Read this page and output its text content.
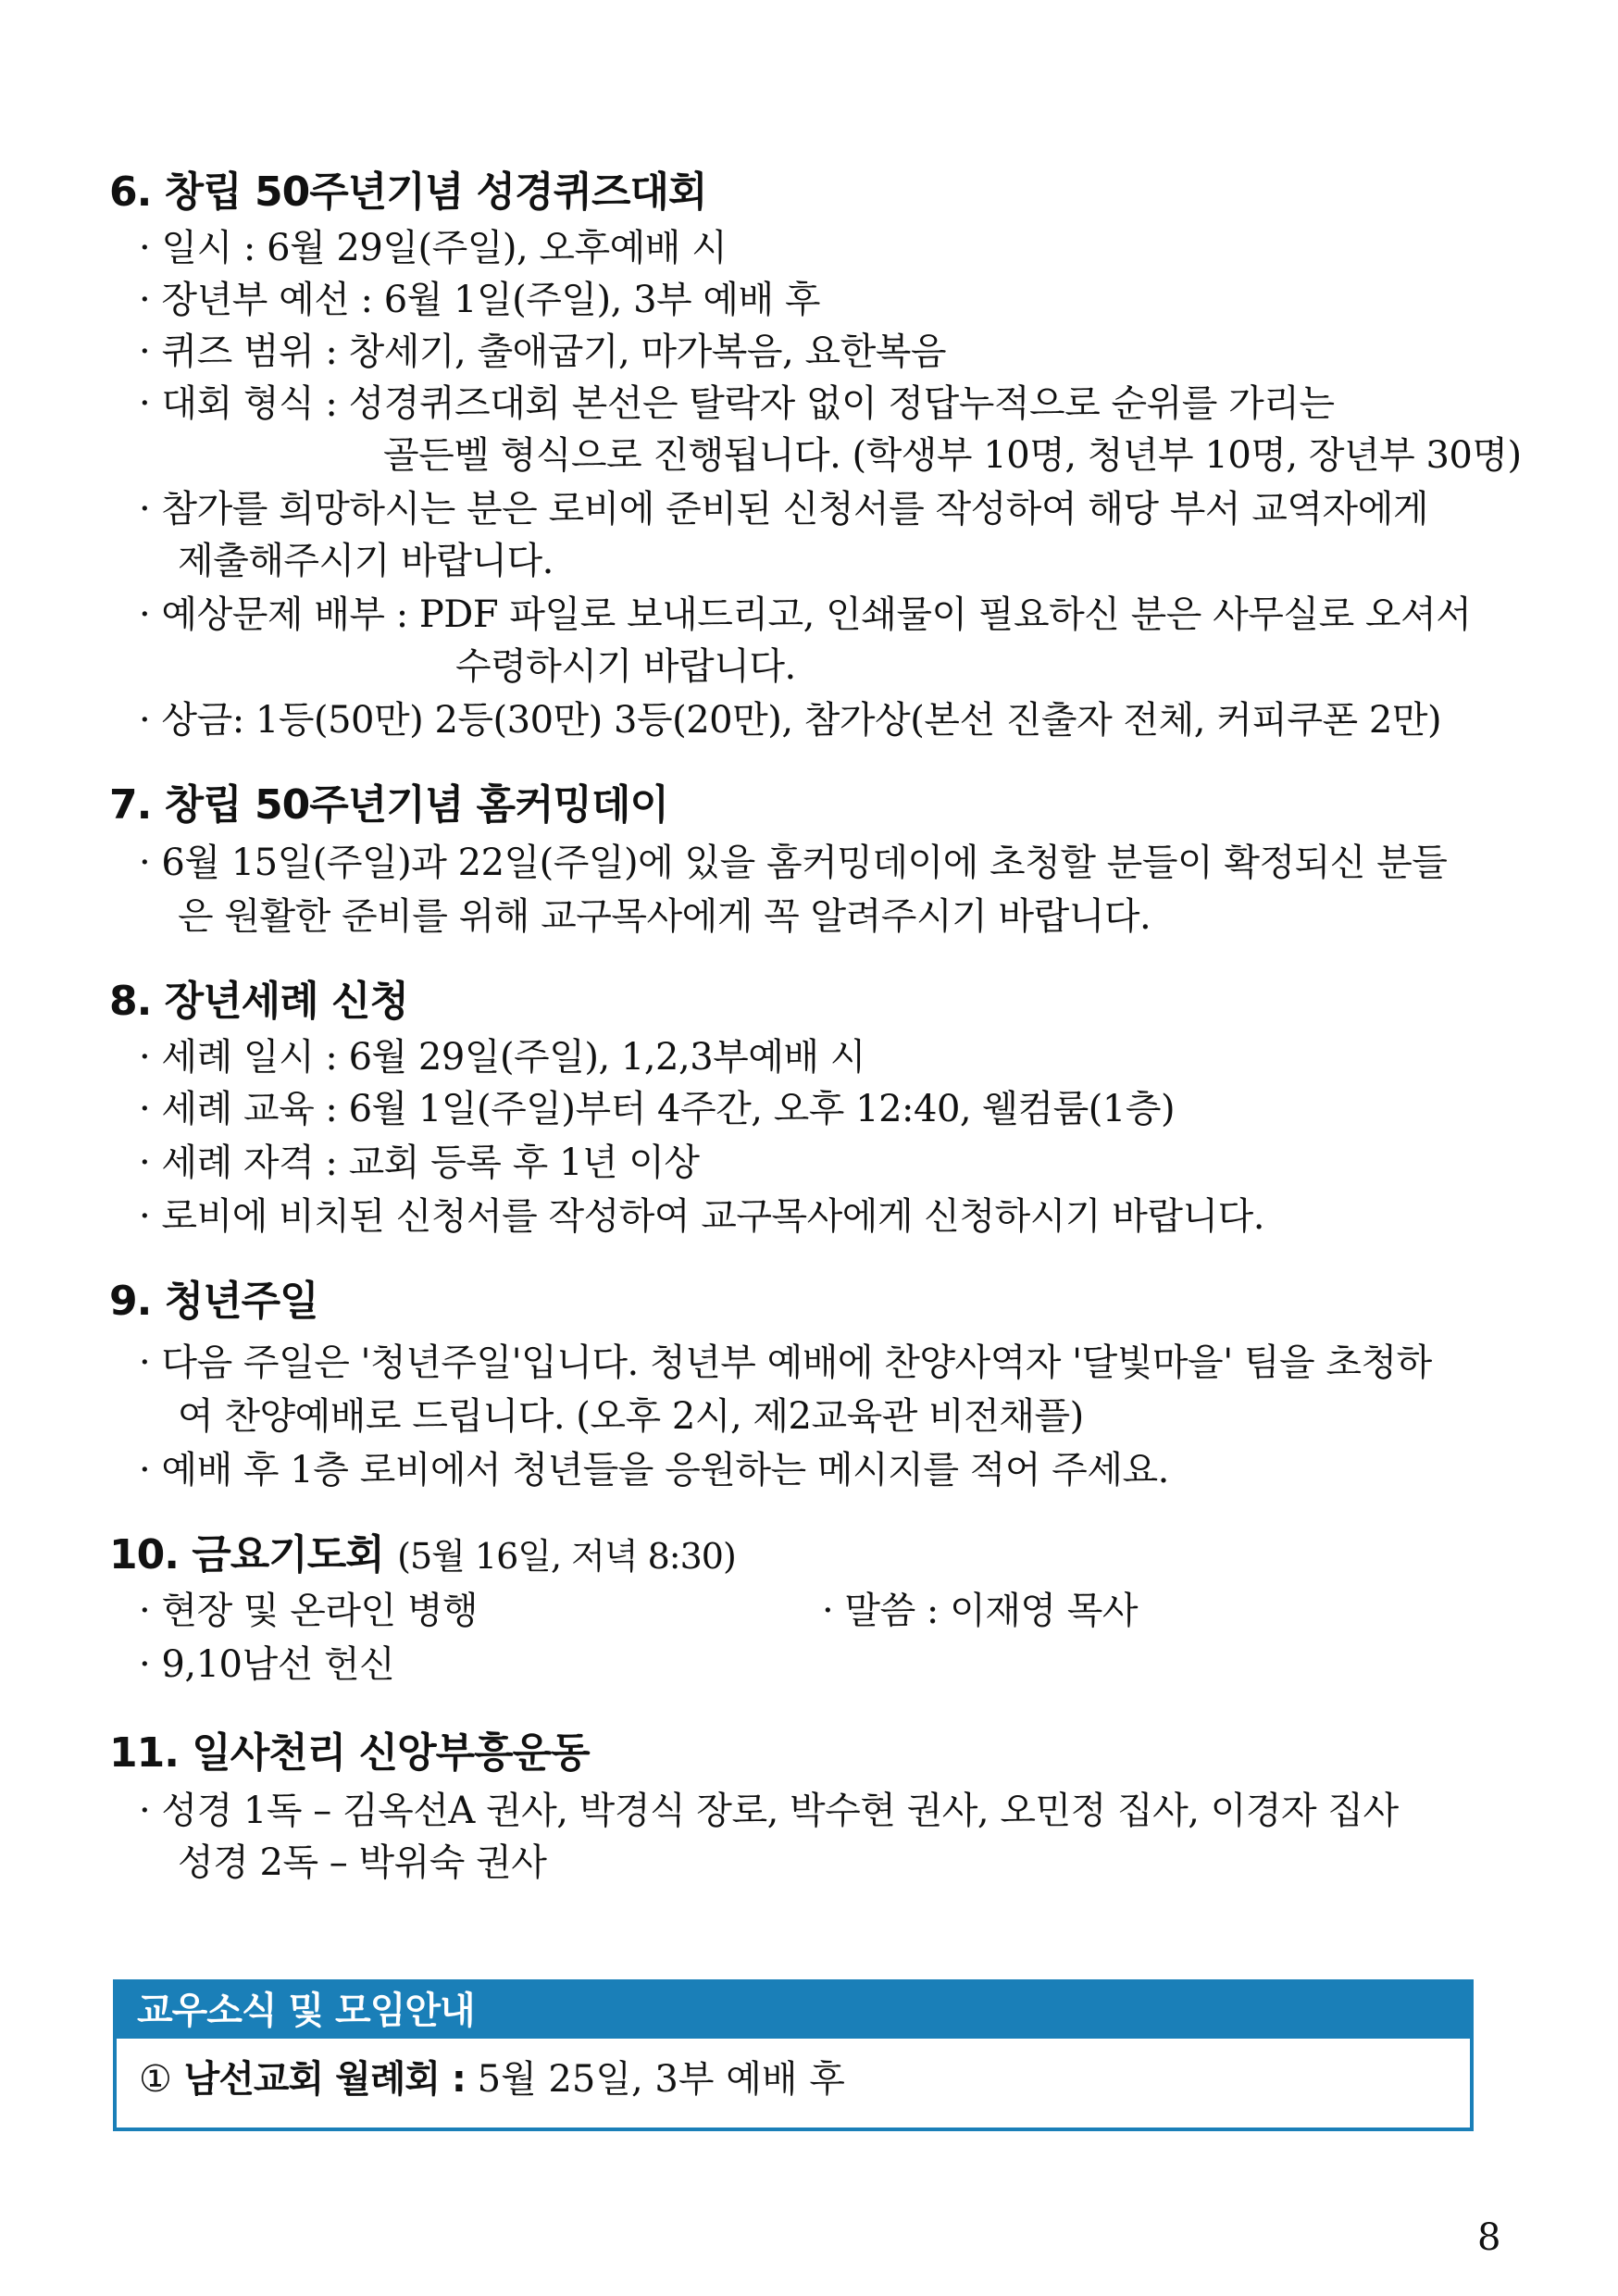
6. 창립 50주년기념 성경퀴즈대회
· 일시 : 6월 29일(주일), 오후예배 시
· 장년부 예선 : 6월 1일(주일), 3부 예배 후
· 퀴즈 범위 : 창세기, 출애굽기, 마가복음, 요한복음
· 대회 형식 : 성경퀴즈대회 본선은 탈락자 없이 정답누적으로 순위를 가리는
골든벨 형식으로 진행됩니다. (학생부 10명, 청년부 10명, 장년부 30명)
· 참가를 희망하시는 분은 로비에 준비된 신청서를 작성하여 해당 부서 교역자에게
제출해주시기 바랍니다.
· 예상문제 배부 : PDF 파일로 보내드리고, 인쇄물이 필요하신 분은 사무실로 오셔서
수령하시기 바랍니다.
· 상금: 1등(50만) 2등(30만) 3등(20만), 참가상(본선 진출자 전체, 커피쿠폰 2만)
7. 창립 50주년기념 홈커밍데이
· 6월 15일(주일)과 22일(주일)에 있을 홈커밍데이에 초청할 분들이 확정되신 분들
은 원활한 준비를 위해 교구목사에게 꼭 알려주시기 바랍니다.
8. 장년세례 신청
· 세례 일시 : 6월 29일(주일), 1,2,3부예배 시
· 세례 교육 : 6월 1일(주일)부터 4주간, 오후 12:40, 웰컴룸(1층)
· 세례 자격 : 교회 등록 후 1년 이상
· 로비에 비치된 신청서를 작성하여 교구목사에게 신청하시기 바랍니다.
9. 청년주일
· 다음 주일은 '청년주일'입니다. 청년부 예배에 찬양사역자 '달빛마을' 팀을 초청하
여 찬양예배로 드립니다. (오후 2시, 제2교육관 비전채플)
· 예배 후 1층 로비에서 청년들을 응원하는 메시지를 적어 주세요.
10. 금요기도회 (5월 16일, 저녁 8:30)
· 현장 및 온라인 병행	· 말씀 : 이재영 목사
· 9,10남선 헌신
11. 일사천리 신앙부흥운동
· 성경 1독 – 김옥선A 권사, 박경식 장로, 박수현 권사, 오민정 집사, 이경자 집사
성경 2독 – 박위숙 권사
교우소식 및 모임안내
① 남선교회 월례회 : 5월 25일, 3부 예배 후
8
